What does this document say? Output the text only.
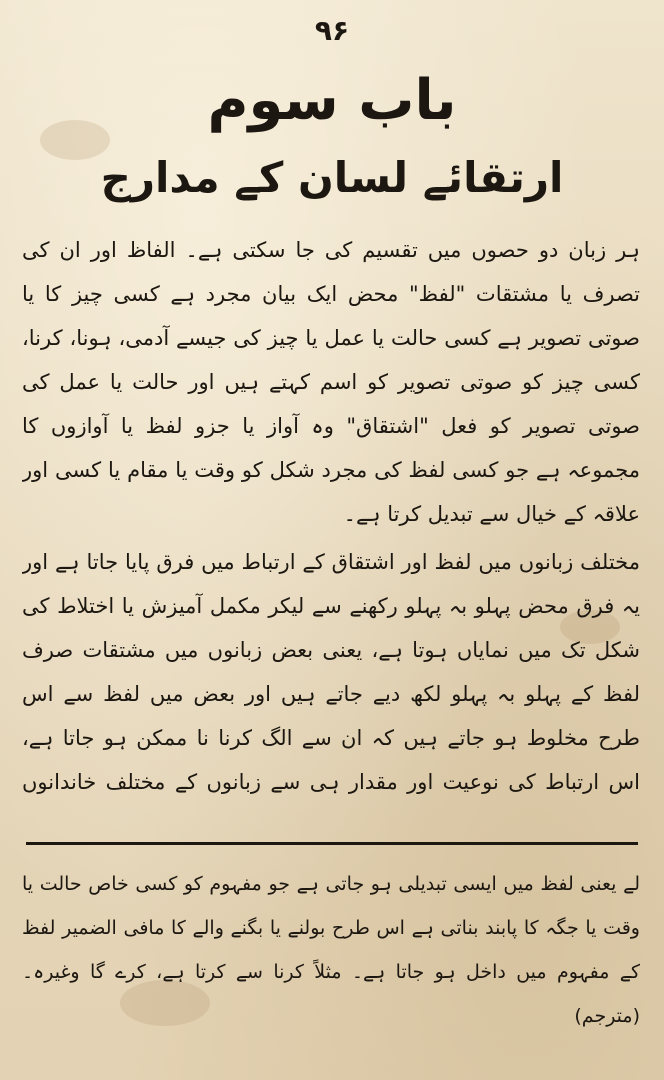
۹۶
باب سوم
ارتقائے لسان کے مدارج

ہر زبان دو حصوں میں تقسیم کی جا سکتی ہے۔ الفاظ اور ان کی تصرف یا مشتقات "لفظ" محض ایک بیان مجرد ہے کسی چیز کا یا صوتی تصویر ہے کسی حالت یا عمل یا چیز کی جیسے آدمی، ہونا، کرنا، کسی چیز کو صوتی تصویر کو اسم کہتے ہیں اور حالت یا عمل کی صوتی تصویر کو فعل "اشتقاق" وہ آواز یا جزو لفظ یا آوازوں کا مجموعہ ہے جو کسی لفظ کی مجرد شکل کو وقت یا مقام یا کسی اور علاقہ کے خیال سے تبدیل کرتا ہے۔

مختلف زبانوں میں لفظ اور اشتقاق کے ارتباط میں فرق پایا جاتا ہے اور یہ فرق محض پہلو بہ پہلو رکھنے سے لیکر مکمل آمیزش یا اختلاط کی شکل تک میں نمایاں ہوتا ہے، یعنی بعض زبانوں میں مشتقات صرف لفظ کے پہلو بہ پہلو لکھ دیے جاتے ہیں اور بعض میں لفظ سے اس طرح مخلوط ہو جاتے ہیں کہ ان سے الگ کرنا نا ممکن ہو جاتا ہے، اس ارتباط کی نوعیت اور مقدار ہی سے زبانوں کے مختلف خاندانوں

لے یعنی لفظ میں ایسی تبدیلی ہو جاتی ہے جو مفہوم کو کسی خاص حالت یا وقت یا جگہ کا پابند بناتی ہے اس طرح بولنے یا بگنے والے کا مافی الضمیر لفظ کے مفہوم میں داخل ہو جاتا ہے۔ مثلاً کرنا سے کرتا ہے، کرے گا وغیرہ۔ (مترجم)
